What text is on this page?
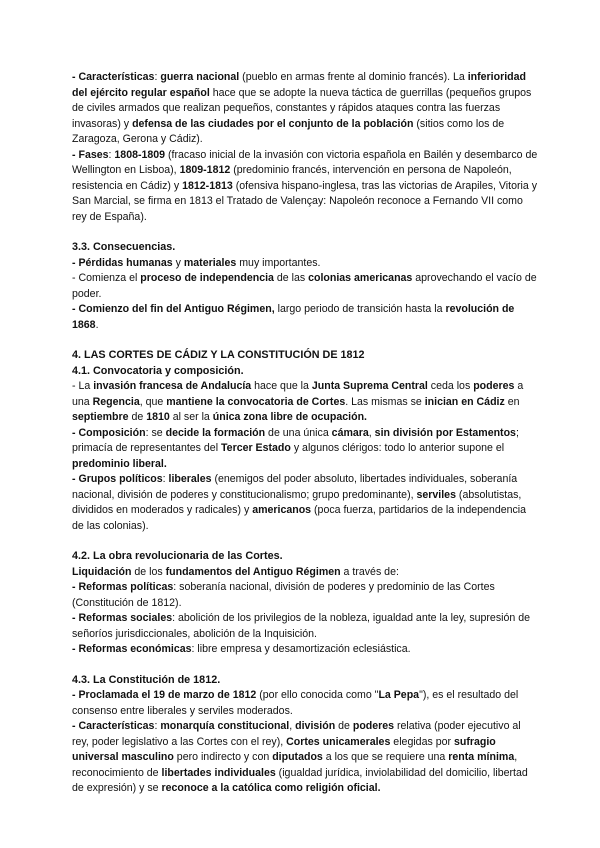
- Características: guerra nacional (pueblo en armas frente al dominio francés). La inferioridad del ejército regular español hace que se adopte la nueva táctica de guerrillas (pequeños grupos de civiles armados que realizan pequeños, constantes y rápidos ataques contra las fuerzas invasoras) y defensa de las ciudades por el conjunto de la población (sitios como los de Zaragoza, Gerona y Cádiz).

- Fases: 1808-1809 (fracaso inicial de la invasión con victoria española en Bailén y desembarco de Wellington en Lisboa), 1809-1812 (predominio francés, intervención en persona de Napoleón, resistencia en Cádiz) y 1812-1813 (ofensiva hispano-inglesa, tras las victorias de Arapiles, Vitoria y San Marcial, se firma en 1813 el Tratado de Valençay: Napoleón reconoce a Fernando VII como rey de España).

3.3. Consecuencias.

- Pérdidas humanas y materiales muy importantes.

- Comienza el proceso de independencia de las colonias americanas aprovechando el vacío de poder.

- Comienzo del fin del Antiguo Régimen, largo periodo de transición hasta la revolución de 1868.

4. LAS CORTES DE CÁDIZ Y LA CONSTITUCIÓN DE 1812
4.1. Convocatoria y composición.

- La invasión francesa de Andalucía hace que la Junta Suprema Central ceda los poderes a una Regencia, que mantiene la convocatoria de Cortes. Las mismas se inician en Cádiz en septiembre de 1810 al ser la única zona libre de ocupación.

- Composición: se decide la formación de una única cámara, sin división por Estamentos; primacía de representantes del Tercer Estado y algunos clérigos: todo lo anterior supone el predominio liberal.

- Grupos políticos: liberales (enemigos del poder absoluto, libertades individuales, soberanía nacional, división de poderes y constitucionalismo; grupo predominante), serviles (absolutistas, divididos en moderados y radicales) y americanos (poca fuerza, partidarios de la independencia de las colonias).

4.2. La obra revolucionaria de las Cortes.

Liquidación de los fundamentos del Antiguo Régimen a través de:

- Reformas políticas: soberanía nacional, división de poderes y predominio de las Cortes (Constitución de 1812).

- Reformas sociales: abolición de los privilegios de la nobleza, igualdad ante la ley, supresión de señoríos jurisdiccionales, abolición de la Inquisición.

- Reformas económicas: libre empresa y desamortización eclesiástica.

4.3. La Constitución de 1812.

- Proclamada el 19 de marzo de 1812 (por ello conocida como "La Pepa"), es el resultado del consenso entre liberales y serviles moderados.

- Características: monarquía constitucional, división de poderes relativa (poder ejecutivo al rey, poder legislativo a las Cortes con el rey), Cortes unicamerales elegidas por sufragio universal masculino pero indirecto y con diputados a los que se requiere una renta mínima, reconocimiento de libertades individuales (igualdad jurídica, inviolabilidad del domicilio, libertad de expresión) y se reconoce a la católica como religión oficial.
